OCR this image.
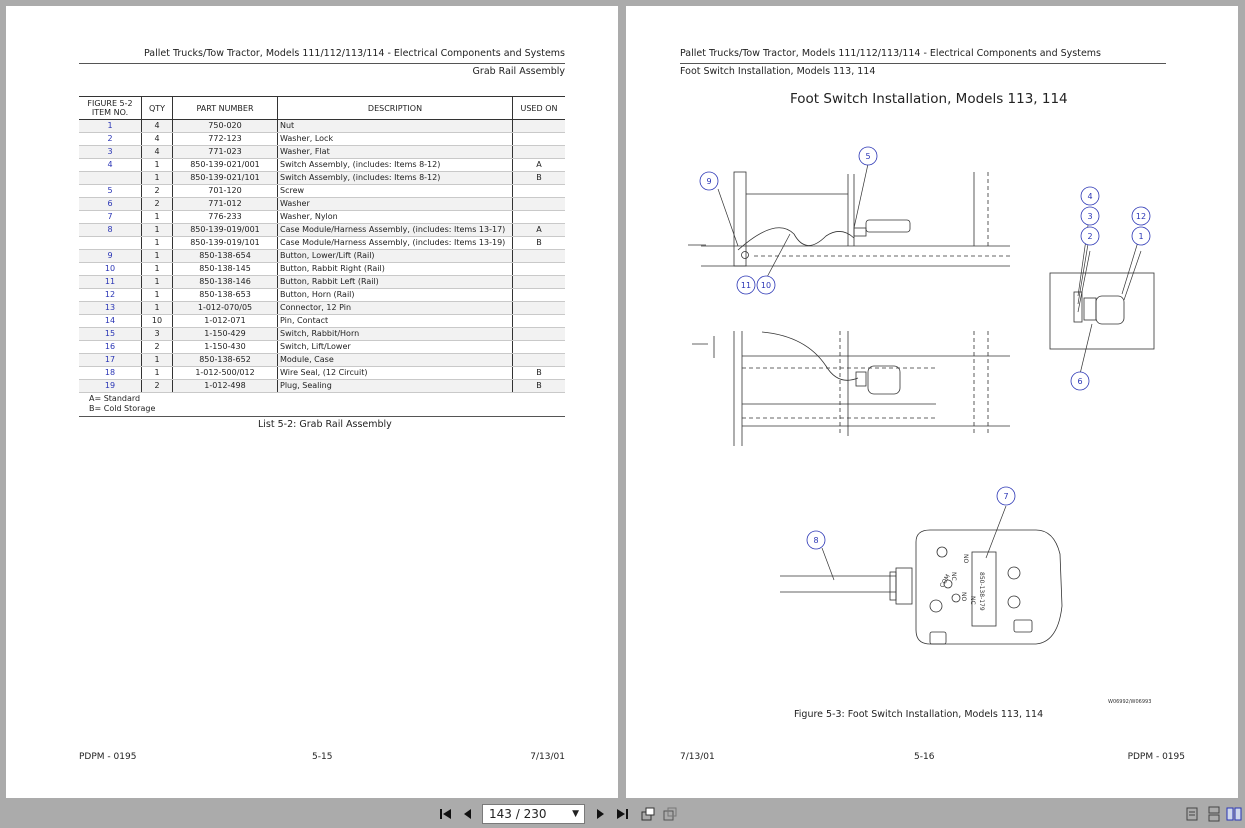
Pallet Trucks/Tow Tractor, Models 111/112/113/114 - Electrical Components and Systems
Grab Rail Assembly
FIGURE 5-2
ITEM NO.	QTY	PART NUMBER	DESCRIPTION	USED ON
1	4	750-020	Nut	
2	4	772-123	Washer, Lock	
3	4	771-023	Washer, Flat	
4	1	850-139-021/001	Switch Assembly, (includes: Items 8-12)	A
	1	850-139-021/101	Switch Assembly, (includes: Items 8-12)	B
5	2	701-120	Screw	
6	2	771-012	Washer	
7	1	776-233	Washer, Nylon	
8	1	850-139-019/001	Case Module/Harness Assembly, (includes: Items 13-17)	A
	1	850-139-019/101	Case Module/Harness Assembly, (includes: Items 13-19)	B
9	1	850-138-654	Button, Lower/Lift (Rail)	
10	1	850-138-145	Button, Rabbit Right (Rail)	
11	1	850-138-146	Button, Rabbit Left (Rail)	
12	1	850-138-653	Button, Horn (Rail)	
13	1	1-012-070/05	Connector, 12 Pin	
14	10	1-012-071	Pin, Contact	
15	3	1-150-429	Switch, Rabbit/Horn	
16	2	1-150-430	Switch, Lift/Lower	
17	1	850-138-652	Module, Case	
18	1	1-012-500/012	Wire Seal, (12 Circuit)	B
19	2	1-012-498	Plug, Sealing	B
A= Standard
B= Cold Storage
List 5-2: Grab Rail Assembly
PDPM - 0195	5-15	7/13/01
Pallet Trucks/Tow Tractor, Models 111/112/113/114 - Electrical Components and Systems
Foot Switch Installation, Models 113, 114
Foot Switch Installation, Models 113, 114
NO
850-138-179
NC
COM
NO NC
5
9
4
3	12
2	1
11 10
6
7
8
W06992/W06993
Figure 5-3: Foot Switch Installation, Models 113, 114
7/13/01	5-16	PDPM - 0195
143 / 230	▼
